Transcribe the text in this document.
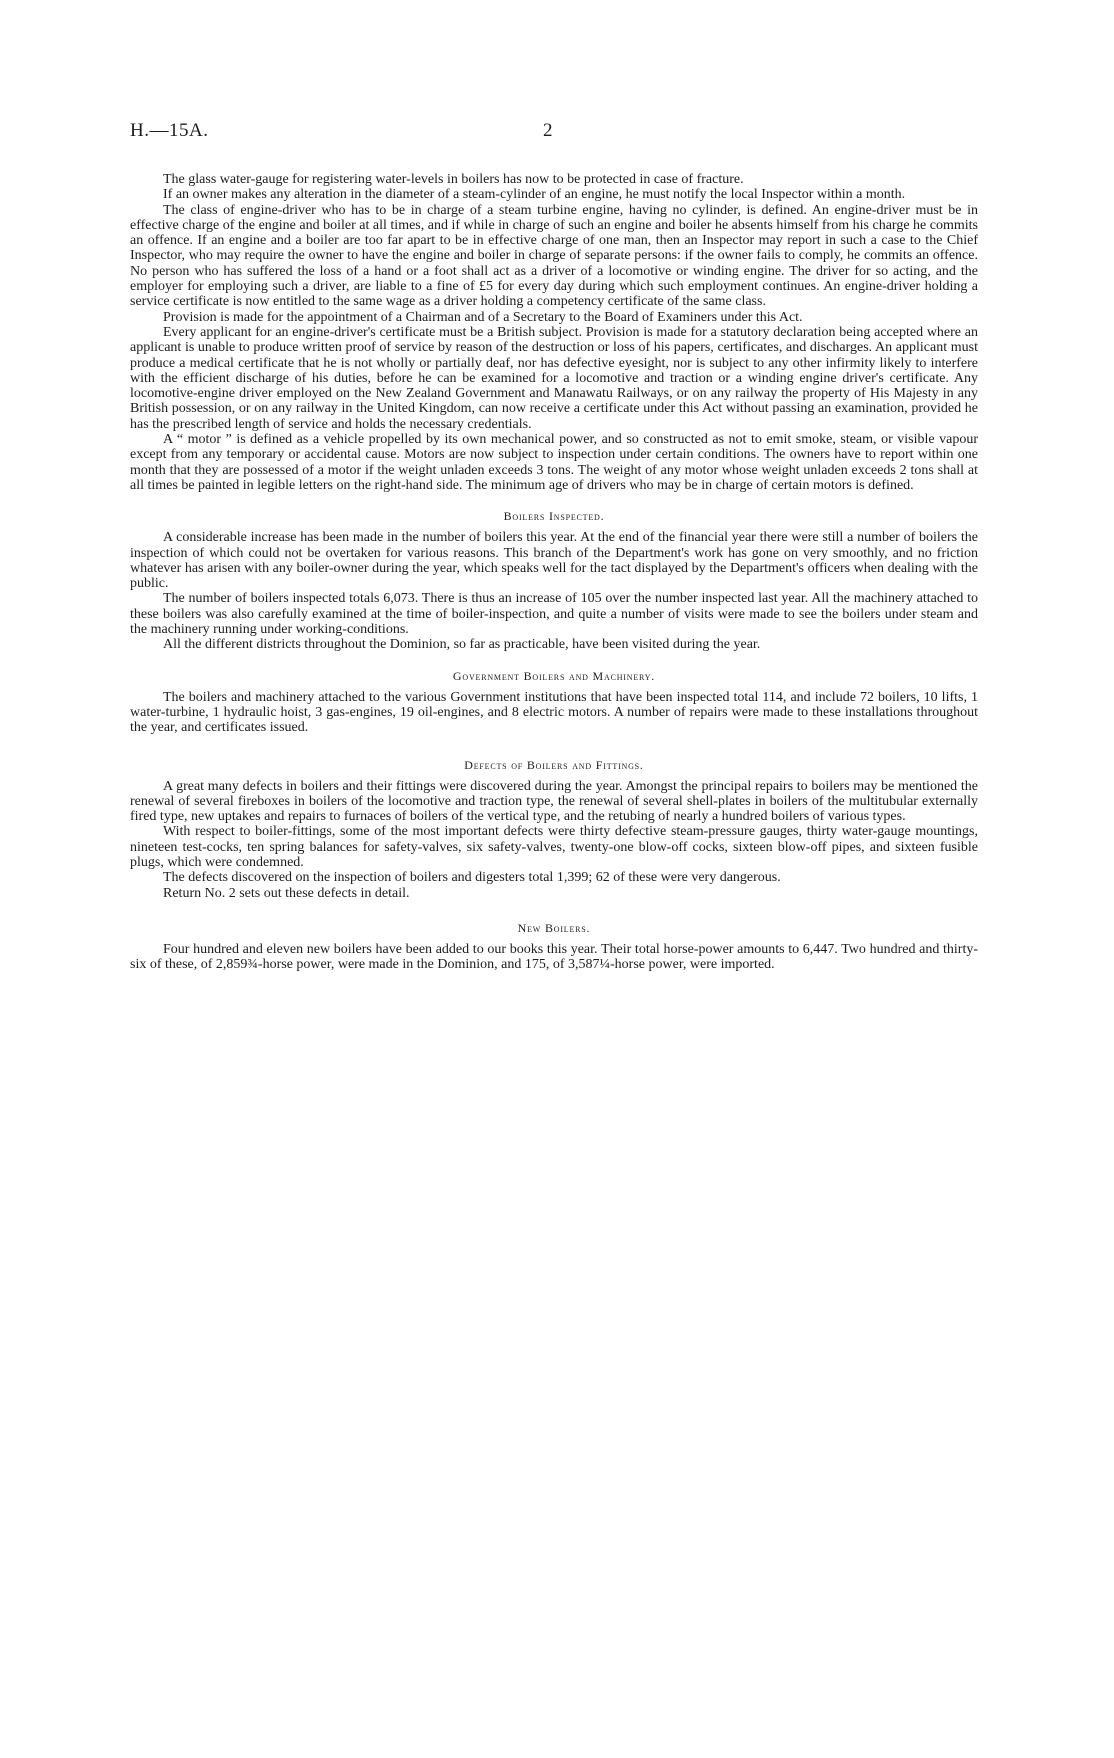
H.—15A.	2

The glass water-gauge for registering water-levels in boilers has now to be protected in case of fracture.

If an owner makes any alteration in the diameter of a steam-cylinder of an engine, he must notify the local Inspector within a month.

The class of engine-driver who has to be in charge of a steam turbine engine, having no cylinder, is defined. An engine-driver must be in effective charge of the engine and boiler at all times, and if while in charge of such an engine and boiler he absents himself from his charge he commits an offence. If an engine and a boiler are too far apart to be in effective charge of one man, then an Inspector may report in such a case to the Chief Inspector, who may require the owner to have the engine and boiler in charge of separate persons: if the owner fails to comply, he commits an offence. No person who has suffered the loss of a hand or a foot shall act as a driver of a locomotive or winding engine. The driver for so acting, and the employer for employing such a driver, are liable to a fine of £5 for every day during which such employment continues. An engine-driver holding a service certificate is now entitled to the same wage as a driver holding a competency certificate of the same class.

Provision is made for the appointment of a Chairman and of a Secretary to the Board of Examiners under this Act.

Every applicant for an engine-driver's certificate must be a British subject. Provision is made for a statutory declaration being accepted where an applicant is unable to produce written proof of service by reason of the destruction or loss of his papers, certificates, and discharges. An applicant must produce a medical certificate that he is not wholly or partially deaf, nor has defective eyesight, nor is subject to any other infirmity likely to interfere with the efficient discharge of his duties, before he can be examined for a locomotive and traction or a winding engine driver's certificate. Any locomotive-engine driver employed on the New Zealand Government and Manawatu Railways, or on any railway the property of His Majesty in any British possession, or on any railway in the United Kingdom, can now receive a certificate under this Act without passing an examination, provided he has the prescribed length of service and holds the necessary credentials.

A “ motor ” is defined as a vehicle propelled by its own mechanical power, and so constructed as not to emit smoke, steam, or visible vapour except from any temporary or accidental cause. Motors are now subject to inspection under certain conditions. The owners have to report within one month that they are possessed of a motor if the weight unladen exceeds 3 tons. The weight of any motor whose weight unladen exceeds 2 tons shall at all times be painted in legible letters on the right-hand side. The minimum age of drivers who may be in charge of certain motors is defined.

Boilers Inspected.

A considerable increase has been made in the number of boilers this year. At the end of the financial year there were still a number of boilers the inspection of which could not be overtaken for various reasons. This branch of the Department's work has gone on very smoothly, and no friction whatever has arisen with any boiler-owner during the year, which speaks well for the tact displayed by the Department's officers when dealing with the public.

The number of boilers inspected totals 6,073. There is thus an increase of 105 over the number inspected last year. All the machinery attached to these boilers was also carefully examined at the time of boiler-inspection, and quite a number of visits were made to see the boilers under steam and the machinery running under working-conditions.

All the different districts throughout the Dominion, so far as practicable, have been visited during the year.

Government Boilers and Machinery.

The boilers and machinery attached to the various Government institutions that have been inspected total 114, and include 72 boilers, 10 lifts, 1 water-turbine, 1 hydraulic hoist, 3 gas-engines, 19 oil-engines, and 8 electric motors. A number of repairs were made to these installations throughout the year, and certificates issued.

Defects of Boilers and Fittings.

A great many defects in boilers and their fittings were discovered during the year. Amongst the principal repairs to boilers may be mentioned the renewal of several fireboxes in boilers of the locomotive and traction type, the renewal of several shell-plates in boilers of the multitubular externally fired type, new uptakes and repairs to furnaces of boilers of the vertical type, and the retubing of nearly a hundred boilers of various types.

With respect to boiler-fittings, some of the most important defects were thirty defective steam-pressure gauges, thirty water-gauge mountings, nineteen test-cocks, ten spring balances for safety-valves, six safety-valves, twenty-one blow-off cocks, sixteen blow-off pipes, and sixteen fusible plugs, which were condemned.

The defects discovered on the inspection of boilers and digesters total 1,399; 62 of these were very dangerous.

Return No. 2 sets out these defects in detail.

New Boilers.

Four hundred and eleven new boilers have been added to our books this year. Their total horse-power amounts to 6,447. Two hundred and thirty-six of these, of 2,859¾-horse power, were made in the Dominion, and 175, of 3,587¼-horse power, were imported.
